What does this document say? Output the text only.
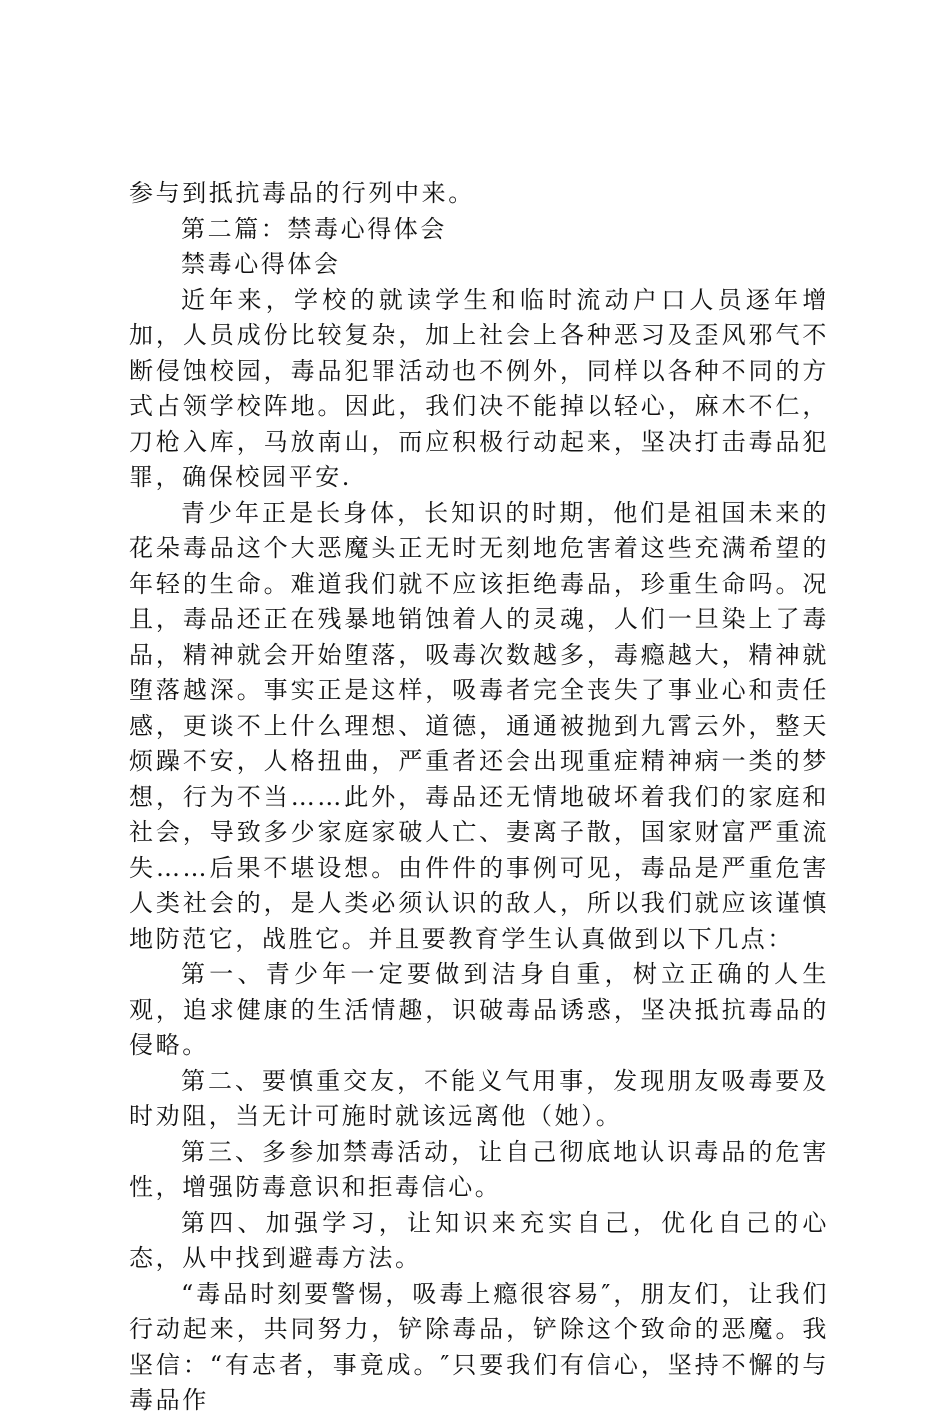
参与到抵抗毒品的行列中来。

第二篇：禁毒心得体会

禁毒心得体会

近年来，学校的就读学生和临时流动户口人员逐年增加，人员成份比较复杂，加上社会上各种恶习及歪风邪气不断侵蚀校园，毒品犯罪活动也不例外，同样以各种不同的方式占领学校阵地。因此，我们决不能掉以轻心，麻木不仁，刀枪入库，马放南山，而应积极行动起来，坚决打击毒品犯罪，确保校园平安.

青少年正是长身体，长知识的时期，他们是祖国未来的花朵毒品这个大恶魔头正无时无刻地危害着这些充满希望的年轻的生命。难道我们就不应该拒绝毒品，珍重生命吗。况且，毒品还正在残暴地销蚀着人的灵魂，人们一旦染上了毒品，精神就会开始堕落，吸毒次数越多，毒瘾越大，精神就堕落越深。事实正是这样，吸毒者完全丧失了事业心和责任感，更谈不上什么理想、道德，通通被抛到九霄云外，整天烦躁不安，人格扭曲，严重者还会出现重症精神病一类的梦想，行为不当……此外，毒品还无情地破坏着我们的家庭和社会，导致多少家庭家破人亡、妻离子散，国家财富严重流失……后果不堪设想。由件件的事例可见，毒品是严重危害人类社会的，是人类必须认识的敌人，所以我们就应该谨慎地防范它，战胜它。并且要教育学生认真做到以下几点：

第一、青少年一定要做到洁身自重，树立正确的人生观，追求健康的生活情趣，识破毒品诱惑，坚决抵抗毒品的侵略。

第二、要慎重交友，不能义气用事，发现朋友吸毒要及时劝阻，当无计可施时就该远离他（她）。

第三、多参加禁毒活动，让自己彻底地认识毒品的危害性，增强防毒意识和拒毒信心。

第四、加强学习，让知识来充实自己，优化自己的心态，从中找到避毒方法。

“毒品时刻要警惕，吸毒上瘾很容易″，朋友们，让我们行动起来，共同努力，铲除毒品，铲除这个致命的恶魔。我坚信：“有志者，事竟成。″只要我们有信心，坚持不懈的与毒品作
